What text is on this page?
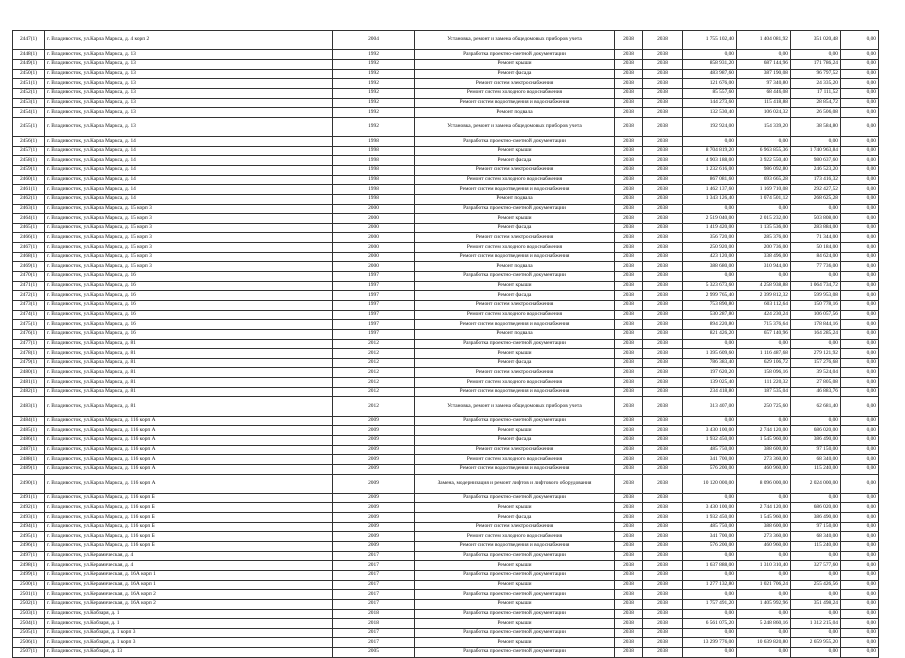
2447(1)	г. Владивосток, ул.Карла Маркса, д. 4 корп 2	2004	Установка, ремонт и замена общедомовых приборов учета	2038	2038	1 755 102,40	1 404 081,92	351 020,48	0,00
2448(1)	г. Владивосток, ул.Карла Маркса, д. 13	1992	Разработка проектно-сметной документации	2038	2038	0,00	0,00	0,00	0,00
2449(1)	г. Владивосток, ул.Карла Маркса, д. 13	1992	Ремонт крыши	2038	2038	858 931,20	687 144,96	171 786,24	0,00
2450(1)	г. Владивосток, ул.Карла Маркса, д. 13	1992	Ремонт фасада	2038	2038	483 987,60	387 190,08	96 797,52	0,00
2451(1)	г. Владивосток, ул.Карла Маркса, д. 13	1992	Ремонт систем электроснабжения	2038	2038	121 676,00	97 340,80	24 335,20	0,00
2452(1)	г. Владивосток, ул.Карла Маркса, д. 13	1992	Ремонт систем холодного водоснабжения	2038	2038	85 557,60	68 446,08	17 111,52	0,00
2453(1)	г. Владивосток, ул.Карла Маркса, д. 13	1992	Ремонт систем водоотведения и водоснабжения	2038	2038	144 273,60	115 418,88	28 854,72	0,00
2454(1)	г. Владивосток, ул.Карла Маркса, д. 13	1992	Ремонт подвала	2038	2038	132 530,40	106 024,32	26 506,08	0,00
2455(1)	г. Владивосток, ул.Карла Маркса, д. 13	1992	Установка, ремонт и замена общедомовых приборов учета	2038	2038	192 924,00	154 339,20	38 584,80	0,00
2456(1)	г. Владивосток, ул.Карла Маркса, д. 14	1998	Разработка проектно-сметной документации	2038	2038	0,00	0,00	0,00	0,00
2457(1)	г. Владивосток, ул.Карла Маркса, д. 14	1998	Ремонт крыши	2038	2038	8 704 819,20	6 963 855,36	1 740 963,84	0,00
2458(1)	г. Владивосток, ул.Карла Маркса, д. 14	1998	Ремонт фасада	2038	2038	4 903 188,00	3 922 550,40	980 637,60	0,00
2459(1)	г. Владивосток, ул.Карла Маркса, д. 14	1998	Ремонт систем электроснабжения	2038	2038	1 232 616,00	986 092,80	246 523,20	0,00
2460(1)	г. Владивосток, ул.Карла Маркса, д. 14	1998	Ремонт систем холодного водоснабжения	2038	2038	867 081,60	693 665,28	173 416,32	0,00
2461(1)	г. Владивосток, ул.Карла Маркса, д. 14	1998	Ремонт систем водоотведения и водоснабжения	2038	2038	1 462 137,60	1 169 710,08	292 427,52	0,00
2462(1)	г. Владивосток, ул.Карла Маркса, д. 14	1998	Ремонт подвала	2038	2038	1 343 126,40	1 074 501,12	268 625,28	0,00
2463(1)	г. Владивосток, ул.Карла Маркса, д. 15 корп 3	2000	Разработка проектно-сметной документации	2038	2038	0,00	0,00	0,00	0,00
2464(1)	г. Владивосток, ул.Карла Маркса, д. 15 корп 3	2000	Ремонт крыши	2038	2038	2 519 040,00	2 015 232,00	503 808,00	0,00
2465(1)	г. Владивосток, ул.Карла Маркса, д. 15 корп 3	2000	Ремонт фасада	2038	2038	1 419 420,00	1 135 536,00	283 884,00	0,00
2466(1)	г. Владивосток, ул.Карла Маркса, д. 15 корп 3	2000	Ремонт систем электроснабжения	2038	2038	356 720,00	285 376,00	71 344,00	0,00
2467(1)	г. Владивосток, ул.Карла Маркса, д. 15 корп 3	2000	Ремонт систем холодного водоснабжения	2038	2038	250 920,00	200 736,00	50 184,00	0,00
2468(1)	г. Владивосток, ул.Карла Маркса, д. 15 корп 3	2000	Ремонт систем водоотведения и водоснабжения	2038	2038	423 120,00	338 496,00	84 624,00	0,00
2469(1)	г. Владивосток, ул.Карла Маркса, д. 15 корп 3	2000	Ремонт подвала	2038	2038	388 680,00	310 944,00	77 736,00	0,00
2470(1)	г. Владивосток, ул.Карла Маркса, д. 16	1997	Разработка проектно-сметной документации	2038	2038	0,00	0,00	0,00	0,00
2471(1)	г. Владивосток, ул.Карла Маркса, д. 16	1997	Ремонт крыши	2038	2038	5 323 673,60	4 258 938,88	1 064 734,72	0,00
2472(1)	г. Владивосток, ул.Карла Маркса, д. 16	1997	Ремонт фасада	2038	2038	2 999 765,40	2 399 812,32	599 953,08	0,00
2473(1)	г. Владивосток, ул.Карла Маркса, д. 16	1997	Ремонт систем электроснабжения	2038	2038	753 890,80	603 112,64	150 778,16	0,00
2474(1)	г. Владивосток, ул.Карла Маркса, д. 16	1997	Ремонт систем холодного водоснабжения	2038	2038	530 287,80	424 230,24	106 057,56	0,00
2475(1)	г. Владивосток, ул.Карла Маркса, д. 16	1997	Ремонт систем водоотведения и водоснабжения	2038	2038	894 220,80	715 376,64	178 844,16	0,00
2476(1)	г. Владивосток, ул.Карла Маркса, д. 16	1997	Ремонт подвала	2038	2038	821 426,20	657 140,96	164 285,24	0,00
2477(1)	г. Владивосток, ул.Карла Маркса, д. 81	2012	Разработка проектно-сметной документации	2038	2038	0,00	0,00	0,00	0,00
2478(1)	г. Владивосток, ул.Карла Маркса, д. 81	2012	Ремонт крыши	2038	2038	1 395 609,60	1 116 487,68	279 121,92	0,00
2479(1)	г. Владивосток, ул.Карла Маркса, д. 81	2012	Ремонт фасада	2038	2038	786 383,40	629 106,72	157 276,68	0,00
2480(1)	г. Владивосток, ул.Карла Маркса, д. 81	2012	Ремонт систем электроснабжения	2038	2038	197 620,20	158 096,16	39 524,04	0,00
2481(1)	г. Владивосток, ул.Карла Маркса, д. 81	2012	Ремонт систем холодного водоснабжения	2038	2038	139 025,40	111 220,32	27 805,08	0,00
2482(1)	г. Владивосток, ул.Карла Маркса, д. 81	2012	Ремонт систем водоотведения и водоснабжения	2038	2038	234 418,80	187 535,04	46 883,76	0,00
2483(1)	г. Владивосток, ул.Карла Маркса, д. 81	2012	Установка, ремонт и замена общедомовых приборов учета	2038	2038	313 407,00	250 725,60	62 681,40	0,00
2484(1)	г. Владивосток, ул.Карла Маркса, д. 116 корп А	2009	Разработка проектно-сметной документации	2038	2038	0,00	0,00	0,00	0,00
2485(1)	г. Владивосток, ул.Карла Маркса, д. 116 корп А	2009	Ремонт крыши	2038	2038	3 430 100,00	2 744 120,00	686 020,00	0,00
2486(1)	г. Владивосток, ул.Карла Маркса, д. 116 корп А	2009	Ремонт фасада	2038	2038	1 932 450,00	1 545 960,00	386 490,00	0,00
2487(1)	г. Владивосток, ул.Карла Маркса, д. 116 корп А	2009	Ремонт систем электроснабжения	2038	2038	485 750,00	388 600,00	97 150,00	0,00
2488(1)	г. Владивосток, ул.Карла Маркса, д. 116 корп А	2009	Ремонт систем холодного водоснабжения	2038	2038	341 700,00	273 360,00	68 340,00	0,00
2489(1)	г. Владивосток, ул.Карла Маркса, д. 116 корп А	2009	Ремонт систем водоотведения и водоснабжения	2038	2038	576 200,00	460 960,00	115 240,00	0,00
2490(1)	г. Владивосток, ул.Карла Маркса, д. 116 корп А	2009	Замена, модернизация и ремонт лифтов и лифтового оборудования	2038	2038	10 120 000,00	8 096 000,00	2 024 000,00	0,00
2491(1)	г. Владивосток, ул.Карла Маркса, д. 116 корп Б	2009	Разработка проектно-сметной документации	2038	2038	0,00	0,00	0,00	0,00
2492(1)	г. Владивосток, ул.Карла Маркса, д. 116 корп Б	2009	Ремонт крыши	2038	2038	3 430 100,00	2 744 120,00	686 020,00	0,00
2493(1)	г. Владивосток, ул.Карла Маркса, д. 116 корп Б	2009	Ремонт фасада	2038	2038	1 932 450,00	1 545 960,00	386 490,00	0,00
2494(1)	г. Владивосток, ул.Карла Маркса, д. 116 корп Б	2009	Ремонт систем электроснабжения	2038	2038	485 750,00	388 600,00	97 150,00	0,00
2495(1)	г. Владивосток, ул.Карла Маркса, д. 116 корп Б	2009	Ремонт систем холодного водоснабжения	2038	2038	341 700,00	273 360,00	68 340,00	0,00
2496(1)	г. Владивосток, ул.Карла Маркса, д. 116 корп Б	2009	Ремонт систем водоотведения и водоснабжения	2038	2038	576 200,00	460 960,00	115 240,00	0,00
2497(1)	г. Владивосток, ул.Керамическая, д. 4	2017	Разработка проектно-сметной документации	2038	2038	0,00	0,00	0,00	0,00
2498(1)	г. Владивосток, ул.Керамическая, д. 4	2017	Ремонт крыши	2038	2038	1 637 888,00	1 310 310,40	327 577,60	0,00
2499(1)	г. Владивосток, ул.Керамическая, д. 16А корп 1	2017	Разработка проектно-сметной документации	2038	2038	0,00	0,00	0,00	0,00
2500(1)	г. Владивосток, ул.Керамическая, д. 16А корп 1	2017	Ремонт крыши	2038	2038	1 277 132,80	1 021 706,24	255 426,56	0,00
2501(1)	г. Владивосток, ул.Керамическая, д. 16А корп 2	2017	Разработка проектно-сметной документации	2038	2038	0,00	0,00	0,00	0,00
2502(1)	г. Владивосток, ул.Керамическая, д. 16А корп 2	2017	Ремонт крыши	2038	2038	1 757 491,20	1 405 992,96	351 498,24	0,00
2503(1)	г. Владивосток, ул.Кобзаря, д. 1	2018	Разработка проектно-сметной документации	2038	2038	0,00	0,00	0,00	0,00
2504(1)	г. Владивосток, ул.Кобзаря, д. 1	2018	Ремонт крыши	2038	2038	6 561 075,20	5 248 860,16	1 312 215,04	0,00
2505(1)	г. Владивосток, ул.Кобзаря, д. 1 корп 3	2017	Разработка проектно-сметной документации	2038	2038	0,00	0,00	0,00	0,00
2506(1)	г. Владивосток, ул.Кобзаря, д. 1 корп 3	2017	Ремонт крыши	2038	2038	13 299 776,00	10 639 820,80	2 659 955,20	0,00
2507(1)	г. Владивосток, ул.Кобзаря, д. 13	2005	Разработка проектно-сметной документации	2038	2038	0,00	0,00	0,00	0,00
